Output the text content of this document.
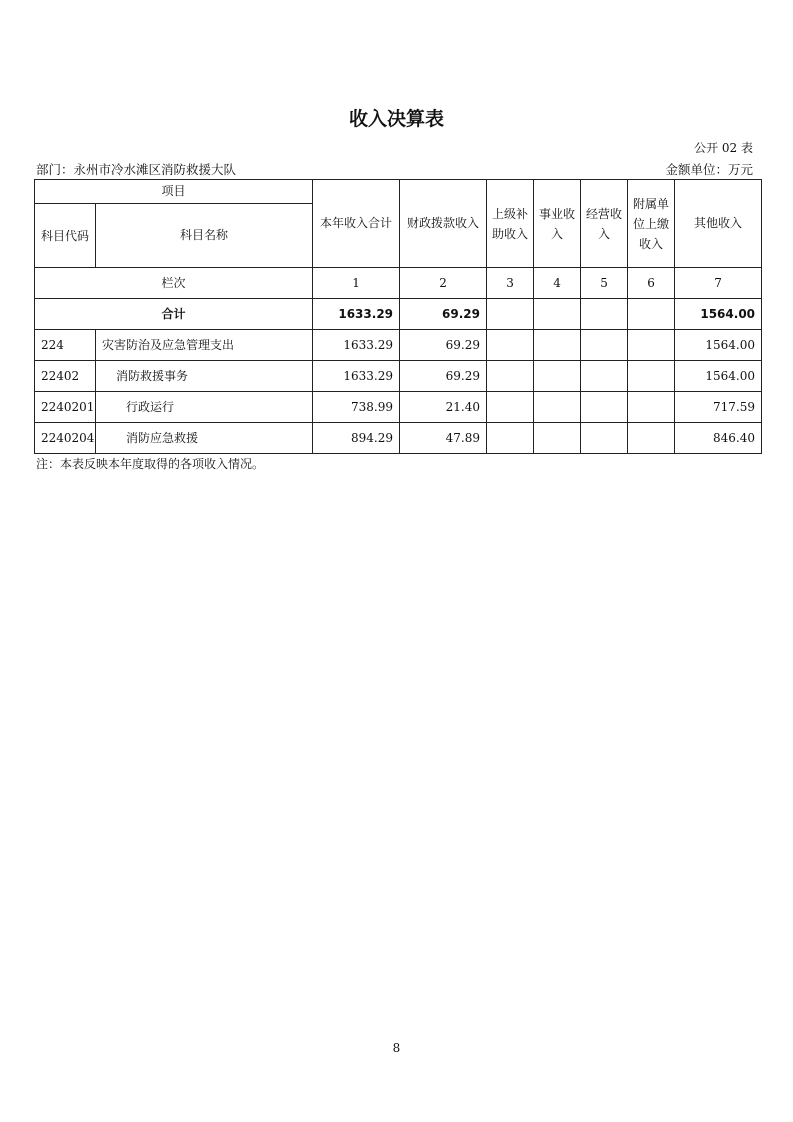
收入决算表
公开 02 表
部门：永州市冷水滩区消防救援大队	金额单位：万元
项目		本年收入合计	财政拨款收入	上级补助收入	事业收入	经营收入	附属单位上缴收入	其他收入
科目代码	科目名称							
栏次		1	2	3	4	5	6	7
合计		1633.29	69.29					1564.00
224	灾害防治及应急管理支出	1633.29	69.29					1564.00
22402	消防救援事务	1633.29	69.29					1564.00
2240201	行政运行	738.99	21.40					717.59
2240204	消防应急救援	894.29	47.89					846.40
注：本表反映本年度取得的各项收入情况。
8
